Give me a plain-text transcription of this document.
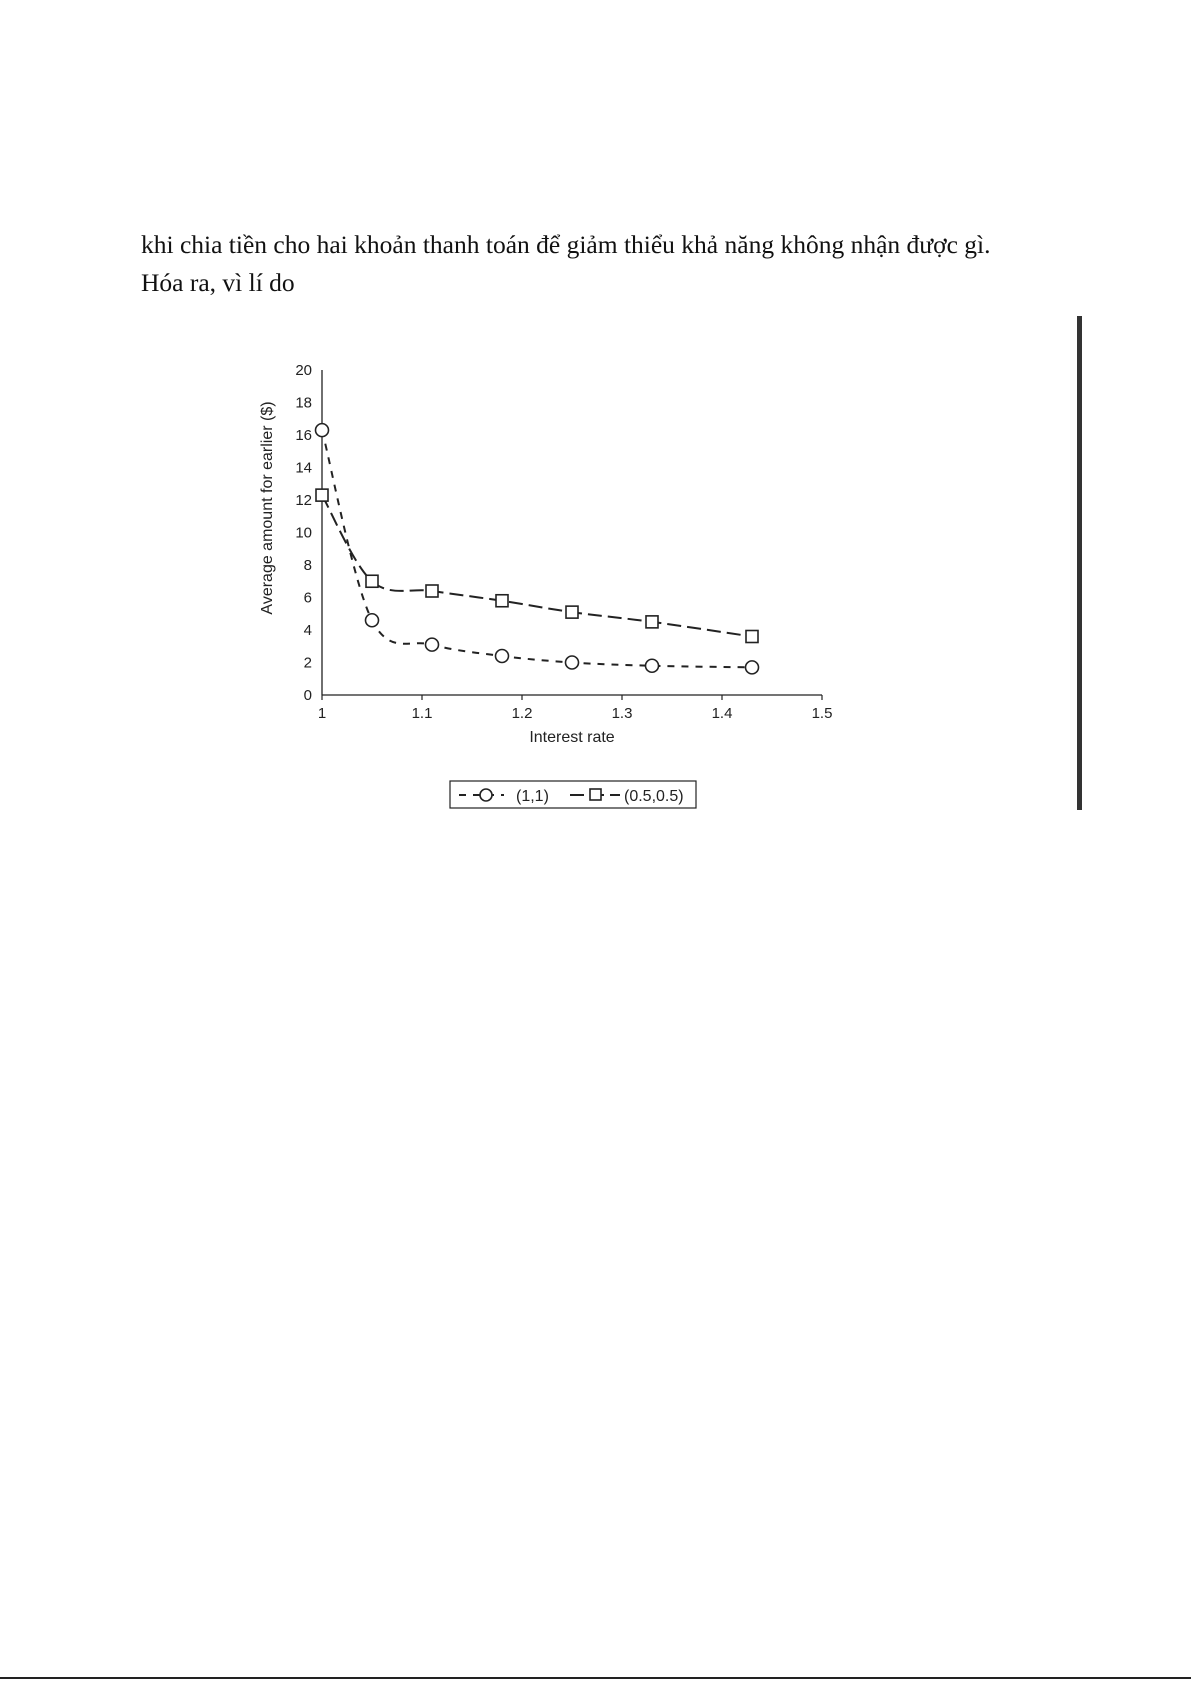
khi chia tiền cho hai khoản thanh toán để giảm thiểu khả năng không nhận được gì.
Hóa ra, vì lí do
1	1.1	1.2	1.3	1.4	1.5
0
2
4
6
8
10
12
14
16
18
20
Interest rate
Average amount for earlier ($)
(1,1)	(0.5,0.5)
